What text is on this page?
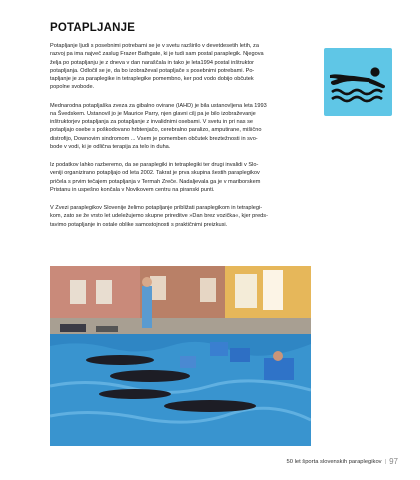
POTAPLJANJE

Potapljanje ljudi s posebnimi potrebami se je v svetu razširilo v devetdesetih letih, za
razvoj pa ima največ zaslug Frazer Bathgate, ki je tudi sam postal paraplegik. Njegova
želja po potapljanju je z dneva v dan naraščala in tako je leta1994 postal inštruktor
potapljanja. Odločil se je, da bo izobraževal potapljače s posebnimi potrebami. Po-
tapljanje je za paraplegike in tetraplegike pomembno, ker pod vodo dobijo občutek
popolne svobode.

Mednarodna potapljaška zveza za gibalno ovirane (IAHD) je bila ustanovljena leta 1993
na Švedskem. Ustanovil jo je Maurice Parry, njen glavni cilj pa je bilo izobraževanje
inštruktorjev potapljanja za potapljanje z invalidnimi osebami. V svetu in pri nas se
potapljajo osebe s poškodovano hrbtenjačo, cerebralno paralizo, amputirane, mišično
distrofijo, Downovim sindromom ... Vsem je pomemben občutek breztežnosti in svo-
bode v vodi, ki je odlična terapija za telo in duha.

Iz podatkov lahko razberemo, da se paraplegiki in tetraplegiki ter drugi invalidi v Slo-
veniji organizirano potapljajo od leta 2002. Takrat je prva skupina šestih paraplegikov
pričela s prvim tečajem potapljanja v Termah Zreče. Nadaljevala ga je v mariborskem
Pristanu in uspešno končala v Novikovem centru na piranski punti.

V Zvezi paraplegikov Slovenije želimo potapljanje približati paraplegikom in tetraplegi-
kom, zato se že vrsto let udeležujemo skupne prireditve »Dan brez vozička«, kjer preds-
tavimo potapljanje in ostale oblike samostojnosti s praktičnimi preizkusi.

50 let športa slovenskih paraplegikov | 97
